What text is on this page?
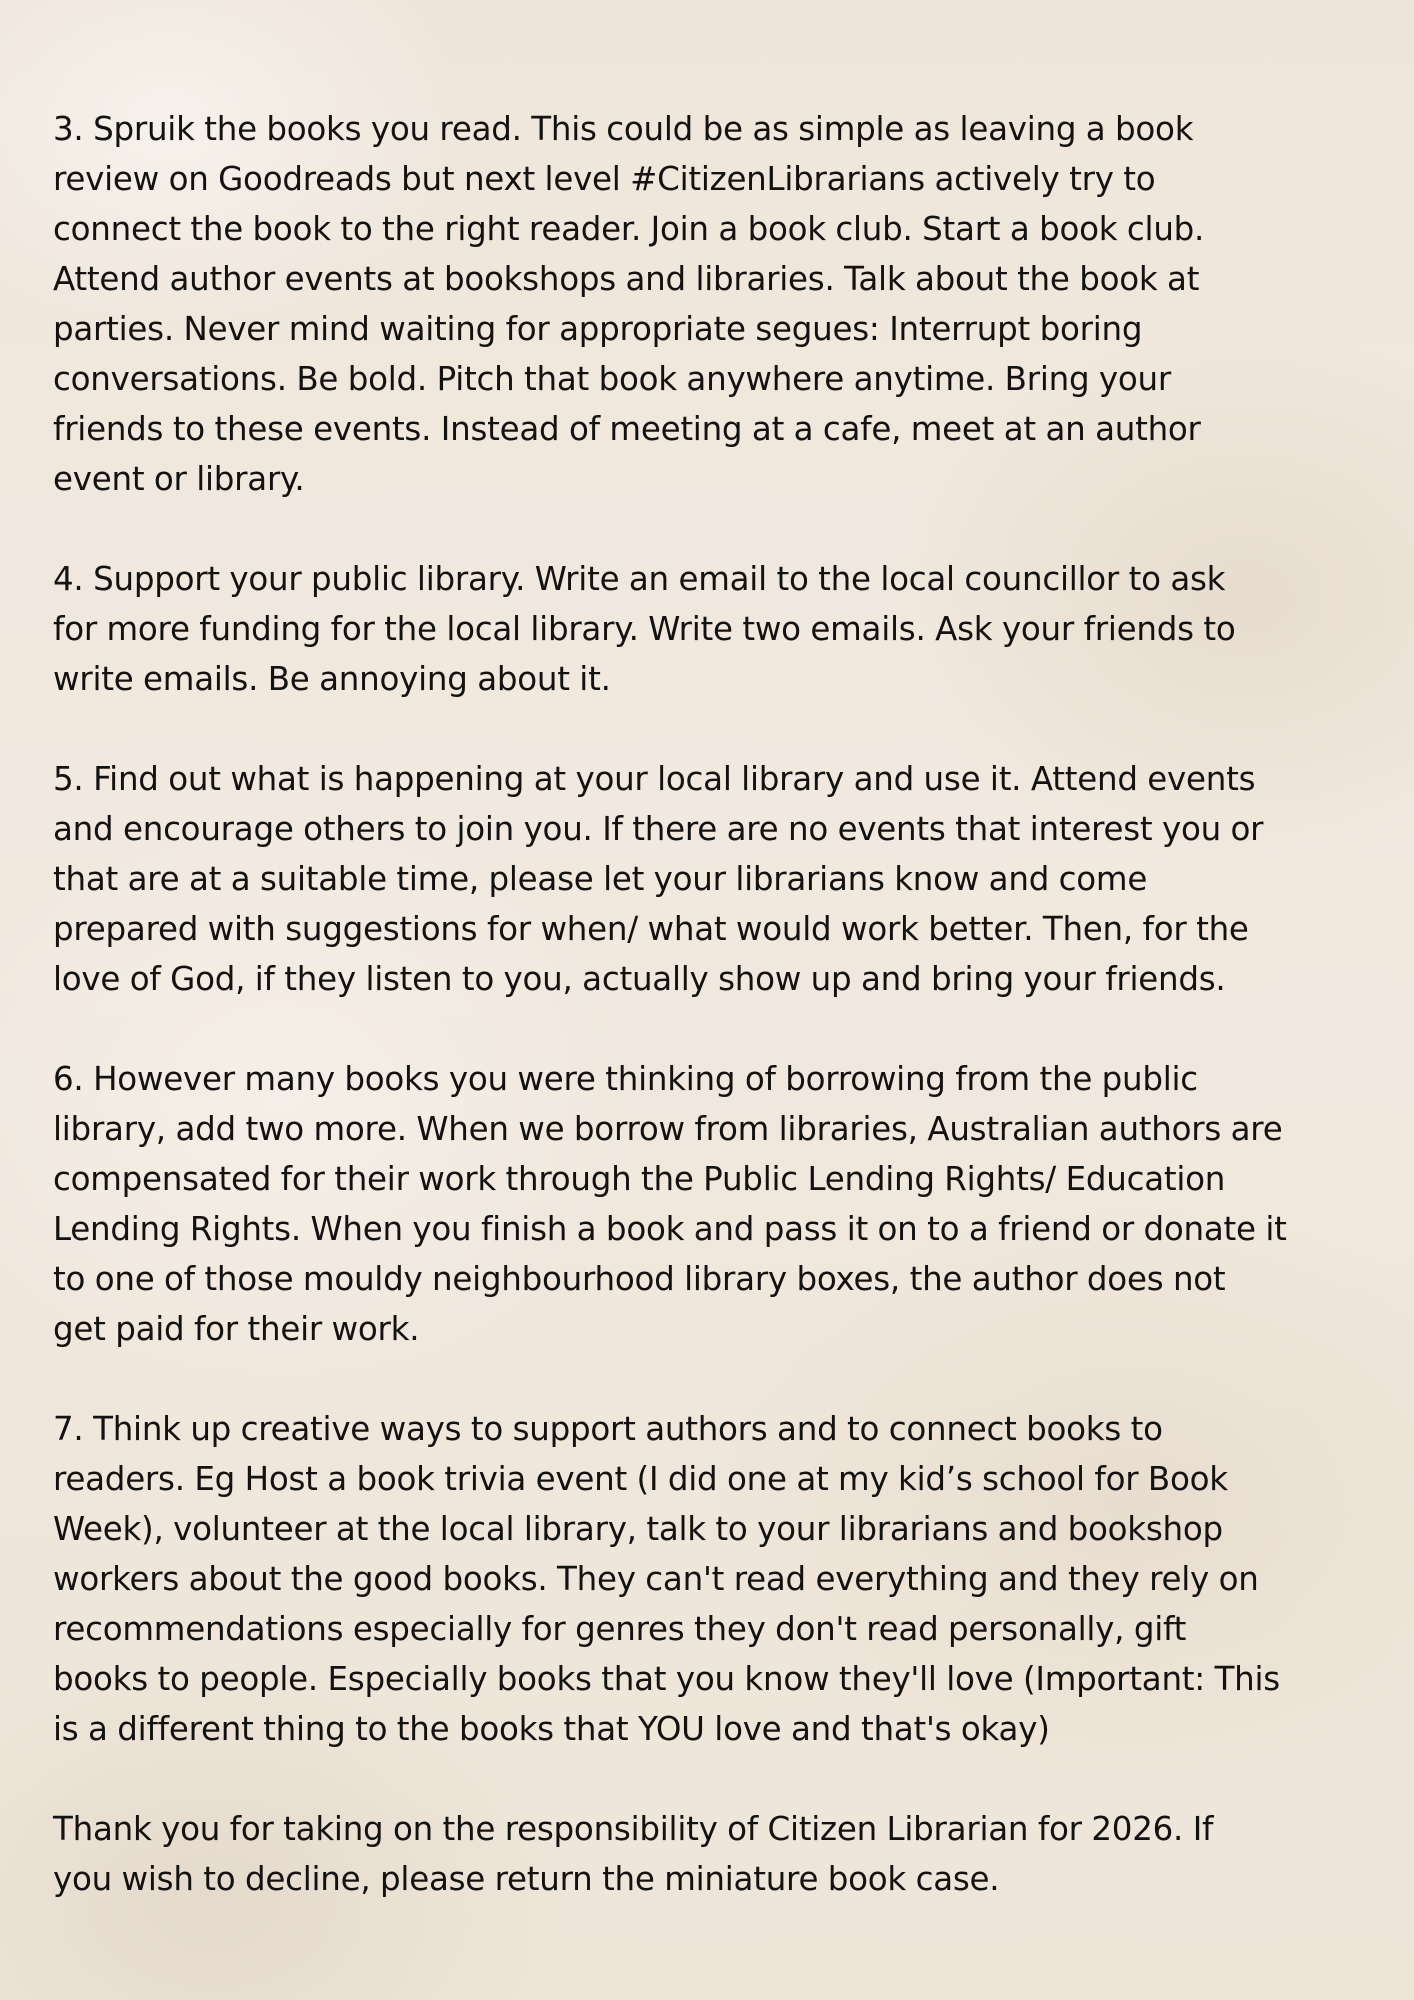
3. Spruik the books you read. This could be as simple as leaving a book
review on Goodreads but next level #CitizenLibrarians actively try to
connect the book to the right reader. Join a book club. Start a book club.
Attend author events at bookshops and libraries. Talk about the book at
parties. Never mind waiting for appropriate segues: Interrupt boring
conversations. Be bold. Pitch that book anywhere anytime. Bring your
friends to these events. Instead of meeting at a cafe, meet at an author
event or library.

4. Support your public library. Write an email to the local councillor to ask
for more funding for the local library. Write two emails. Ask your friends to
write emails. Be annoying about it.

5. Find out what is happening at your local library and use it. Attend events
and encourage others to join you. If there are no events that interest you or
that are at a suitable time, please let your librarians know and come
prepared with suggestions for when/ what would work better. Then, for the
love of God, if they listen to you, actually show up and bring your friends.

6. However many books you were thinking of borrowing from the public
library, add two more. When we borrow from libraries, Australian authors are
compensated for their work through the Public Lending Rights/ Education
Lending Rights. When you finish a book and pass it on to a friend or donate it
to one of those mouldy neighbourhood library boxes, the author does not
get paid for their work.

7. Think up creative ways to support authors and to connect books to
readers. Eg Host a book trivia event (I did one at my kid’s school for Book
Week), volunteer at the local library, talk to your librarians and bookshop
workers about the good books. They can't read everything and they rely on
recommendations especially for genres they don't read personally, gift
books to people. Especially books that you know they'll love (Important: This
is a different thing to the books that YOU love and that's okay)

Thank you for taking on the responsibility of Citizen Librarian for 2026. If
you wish to decline, please return the miniature book case.
